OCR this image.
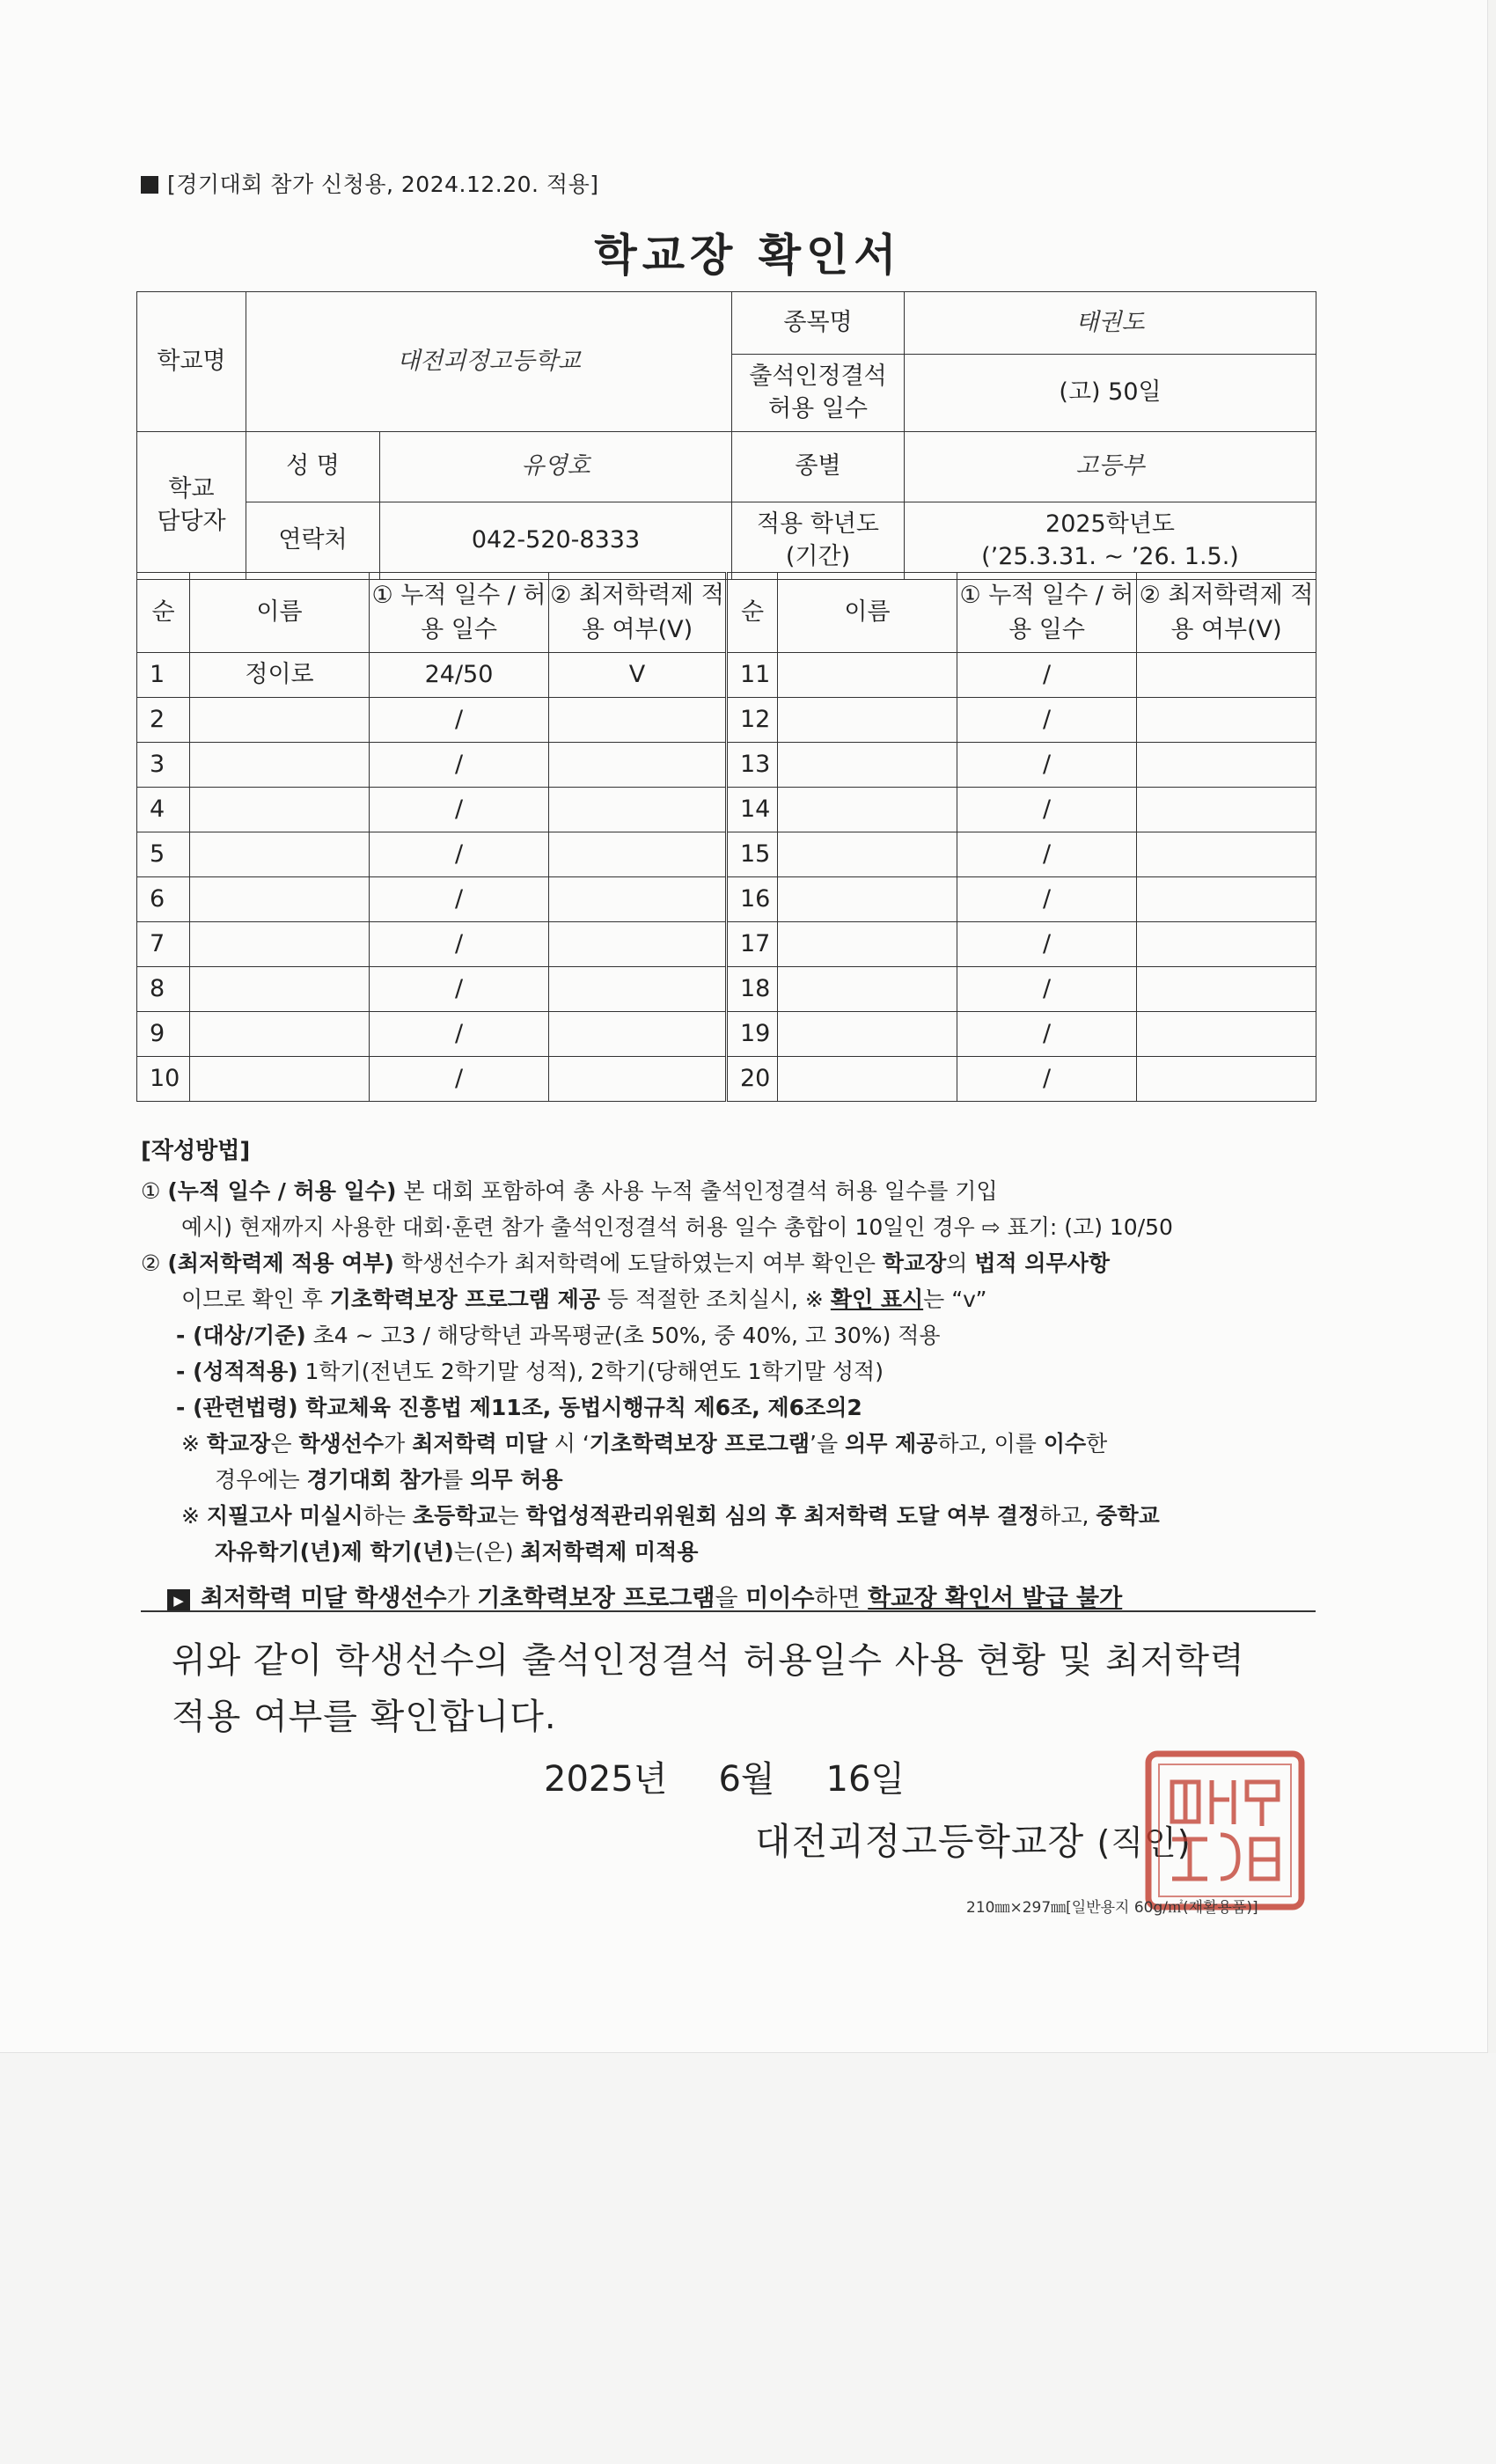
[경기대회 참가 신청용, 2024.12.20. 적용]
학교장 확인서
학교명	대전괴정고등학교		종목명	태권도
			출석인정결석 허용 일수	(고) 50일
학교 담당자	성 명	유영호	종별	고등부
	연락처	042-520-8333	적용 학년도 (기간)	2025학년도
(’25.3.31. ~ ’26. 1.5.)
순	이름	① 누적 일수 / 허용 일수	② 최저학력제 적용 여부(V)	순	이름	① 누적 일수 / 허용 일수	② 최저학력제 적용 여부(V)
1	정이로	24/50	V	11		/	
2		/		12		/	
3		/		13		/	
4		/		14		/	
5		/		15		/	
6		/		16		/	
7		/		17		/	
8		/		18		/	
9		/		19		/	
10		/		20		/	
[작성방법]
① (누적 일수 / 허용 일수) 본 대회 포함하여 총 사용 누적 출석인정결석 허용 일수를 기입
예시) 현재까지 사용한 대회·훈련 참가 출석인정결석 허용 일수 총합이 10일인 경우 ⇨ 표기: (고) 10/50
② (최저학력제 적용 여부) 학생선수가 최저학력에 도달하였는지 여부 확인은 학교장의 법적 의무사항
이므로 확인 후 기초학력보장 프로그램 제공 등 적절한 조치실시, ※ 확인 표시는 “v”
- (대상/기준) 초4 ~ 고3 / 해당학년 과목평균(초 50%, 중 40%, 고 30%) 적용
- (성적적용) 1학기(전년도 2학기말 성적), 2학기(당해연도 1학기말 성적)
- (관련법령) 학교체육 진흥법 제11조, 동법시행규칙 제6조, 제6조의2
※ 학교장은 학생선수가 최저학력 미달 시 ‘기초학력보장 프로그램’을 의무 제공하고, 이를 이수한
경우에는 경기대회 참가를 의무 허용
※ 지필고사 미실시하는 초등학교는 학업성적관리위원회 심의 후 최저학력 도달 여부 결정하고, 중학교
자유학기(년)제 학기(년)는(은) 최저학력제 미적용
▶ 최저학력 미달 학생선수가 기초학력보장 프로그램을 미이수하면 학교장 확인서 발급 불가
위와 같이 학생선수의 출석인정결석 허용일수 사용 현황 및 최저학력
적용 여부를 확인합니다.
2025년 6월 16일
대전괴정고등학교장 (직인)
210㎜×297㎜[일반용지 60g/㎡(재활용품)]
